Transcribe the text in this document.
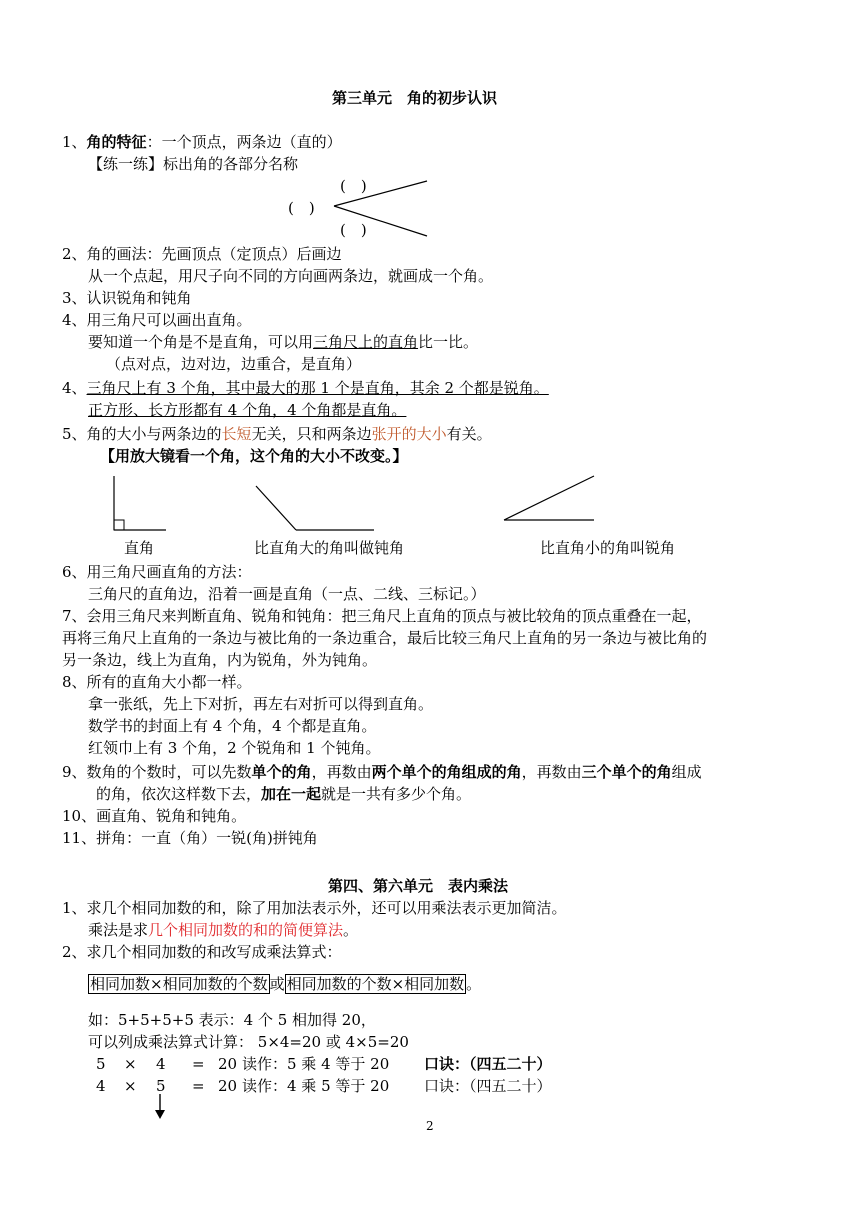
第三单元　角的初步认识
1、角的特征：一个顶点，两条边（直的）
【练一练】标出角的各部分名称
(　)
(　)
(　)
2、角的画法：先画顶点（定顶点）后画边
从一个点起，用尺子向不同的方向画两条边，就画成一个角。
3、认识锐角和钝角
4、用三角尺可以画出直角。
要知道一个角是不是直角，可以用三角尺上的直角比一比。
（点对点，边对边，边重合，是直角）
4、三角尺上有 3 个角，其中最大的那 1 个是直角，其余 2 个都是锐角。
正方形、长方形都有 4 个角，4 个角都是直角。
5、角的大小与两条边的长短无关，只和两条边张开的大小有关。
【用放大镜看一个角，这个角的大小不改变。】
直角	比直角大的角叫做钝角	比直角小的角叫锐角
6、用三角尺画直角的方法：
三角尺的直角边，沿着一画是直角（一点、二线、三标记。）
7、会用三角尺来判断直角、锐角和钝角：把三角尺上直角的顶点与被比较角的顶点重叠在一起，
再将三角尺上直角的一条边与被比角的一条边重合，最后比较三角尺上直角的另一条边与被比角的
另一条边，线上为直角，内为锐角，外为钝角。
8、所有的直角大小都一样。
拿一张纸，先上下对折，再左右对折可以得到直角。
数学书的封面上有 4 个角，4 个都是直角。
红领巾上有 3 个角，2 个锐角和 1 个钝角。
9、数角的个数时，可以先数单个的角，再数由两个单个的角组成的角，再数由三个单个的角组成
的角，依次这样数下去，加在一起就是一共有多少个角。
10、画直角、锐角和钝角。
11、拼角：一直（角）一锐(角)拼钝角
第四、第六单元　表内乘法
1、求几个相同加数的和，除了用加法表示外，还可以用乘法表示更加简洁。
乘法是求几个相同加数的和的简便算法。
2、求几个相同加数的和改写成乘法算式：
相同加数×相同加数的个数 或 相同加数的个数×相同加数 。
如：5+5+5+5 表示：4 个 5 相加得 20，
可以列成乘法算式计算： 5×4=20 或 4×5=20
5 × 4 = 20 读作：5 乘 4 等于 20 口诀：（四五二十）
4 × 5 = 20 读作：4 乘 5 等于 20 口诀：（四五二十）
2
